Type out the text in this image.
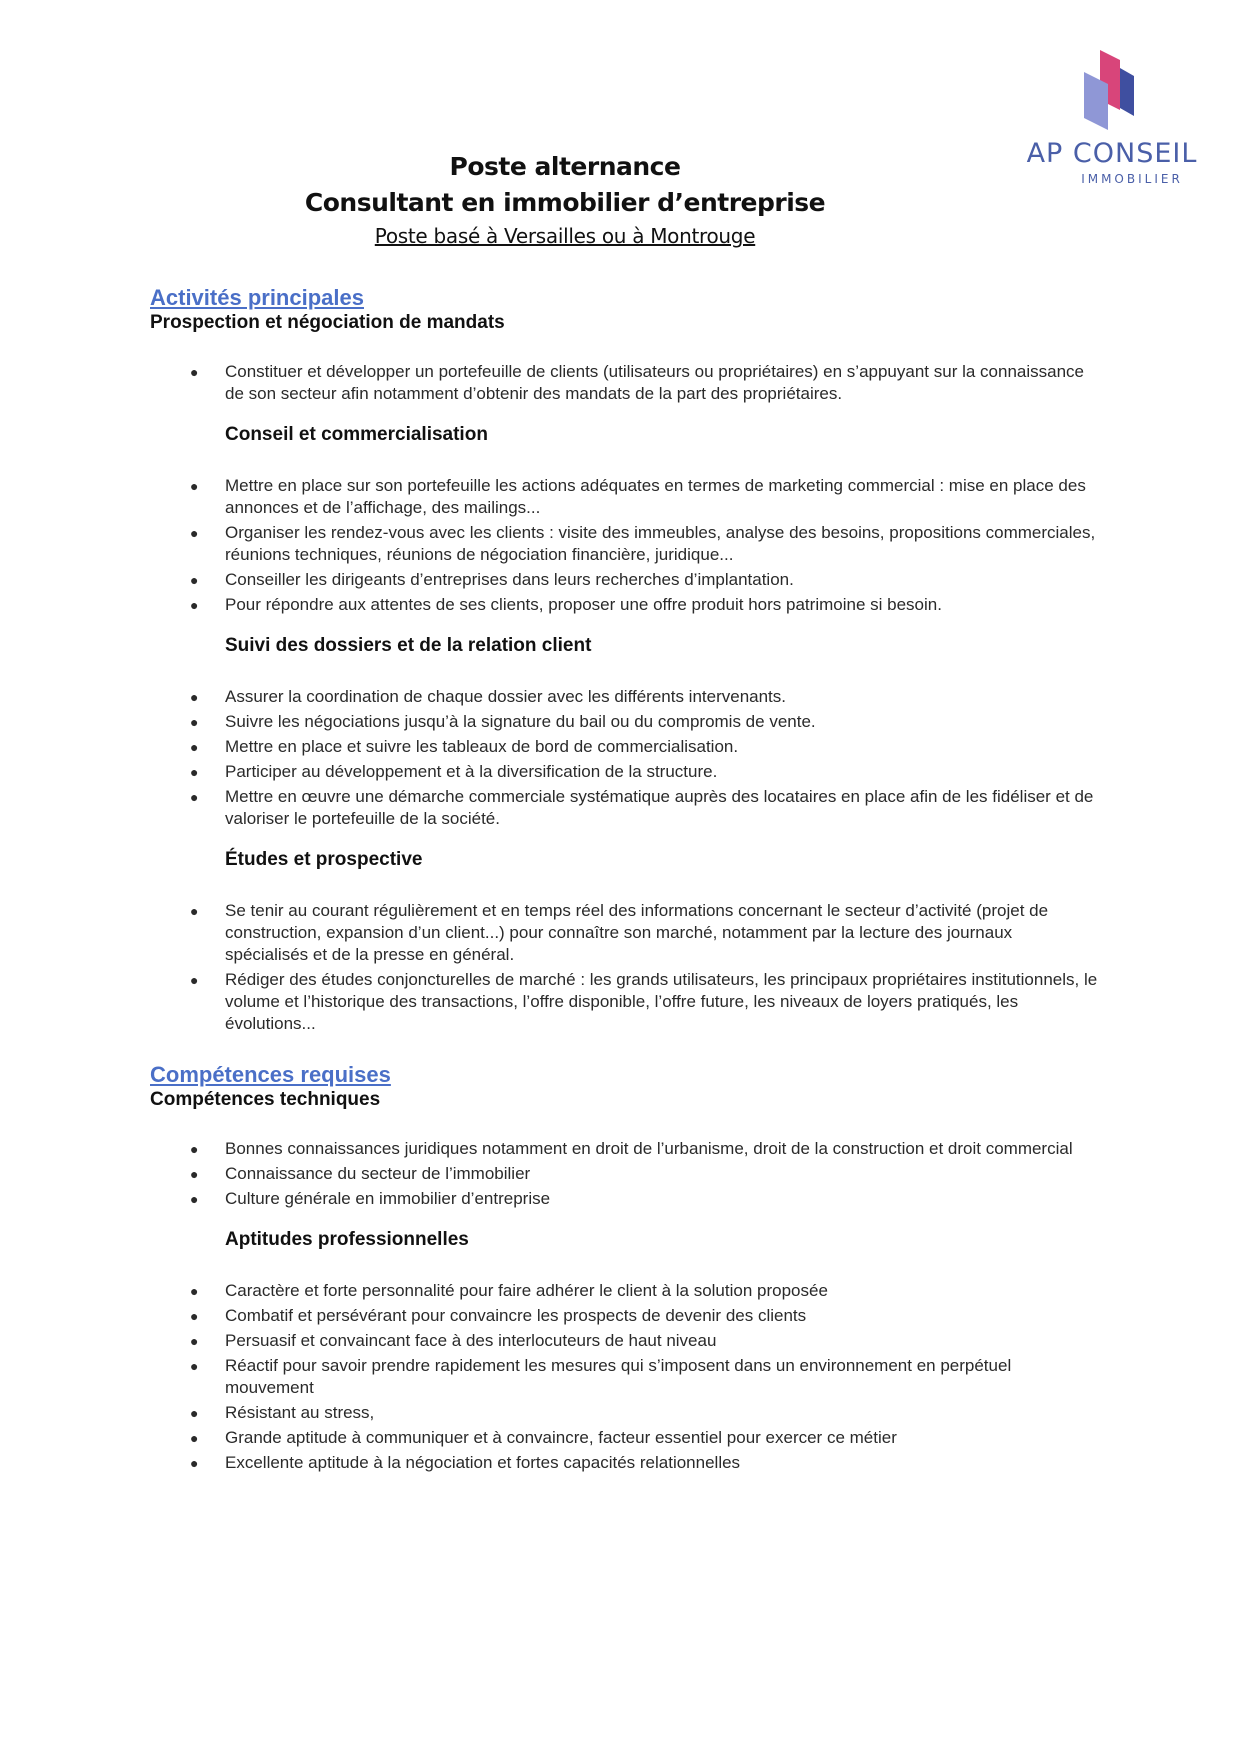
AP CONSEIL
IMMOBILIER
Poste alternance
Consultant en immobilier d’entreprise
Poste basé à Versailles ou à Montrouge
Activités principales
Prospection et négociation de mandats
● Constituer et développer un portefeuille de clients (utilisateurs ou propriétaires) en s’appuyant sur la connaissance de son secteur afin notamment d’obtenir des mandats de la part des propriétaires.
Conseil et commercialisation
● Mettre en place sur son portefeuille les actions adéquates en termes de marketing commercial : mise en place des annonces et de l’affichage, des mailings...
● Organiser les rendez-vous avec les clients : visite des immeubles, analyse des besoins, propositions commerciales, réunions techniques, réunions de négociation financière, juridique...
● Conseiller les dirigeants d’entreprises dans leurs recherches d’implantation.
● Pour répondre aux attentes de ses clients, proposer une offre produit hors patrimoine si besoin.
Suivi des dossiers et de la relation client
● Assurer la coordination de chaque dossier avec les différents intervenants.
● Suivre les négociations jusqu’à la signature du bail ou du compromis de vente.
● Mettre en place et suivre les tableaux de bord de commercialisation.
● Participer au développement et à la diversification de la structure.
● Mettre en œuvre une démarche commerciale systématique auprès des locataires en place afin de les fidéliser et de valoriser le portefeuille de la société.
Études et prospective
● Se tenir au courant régulièrement et en temps réel des informations concernant le secteur d’activité (projet de construction, expansion d’un client...) pour connaître son marché, notamment par la lecture des journaux spécialisés et de la presse en général.
● Rédiger des études conjoncturelles de marché : les grands utilisateurs, les principaux propriétaires institutionnels, le volume et l’historique des transactions, l’offre disponible, l’offre future, les niveaux de loyers pratiqués, les évolutions...
Compétences requises
Compétences techniques
● Bonnes connaissances juridiques notamment en droit de l’urbanisme, droit de la construction et droit commercial
● Connaissance du secteur de l’immobilier
● Culture générale en immobilier d’entreprise
Aptitudes professionnelles
● Caractère et forte personnalité pour faire adhérer le client à la solution proposée
● Combatif et persévérant pour convaincre les prospects de devenir des clients
● Persuasif et convaincant face à des interlocuteurs de haut niveau
● Réactif pour savoir prendre rapidement les mesures qui s’imposent dans un environnement en perpétuel mouvement
● Résistant au stress,
● Grande aptitude à communiquer et à convaincre, facteur essentiel pour exercer ce métier
● Excellente aptitude à la négociation et fortes capacités relationnelles
